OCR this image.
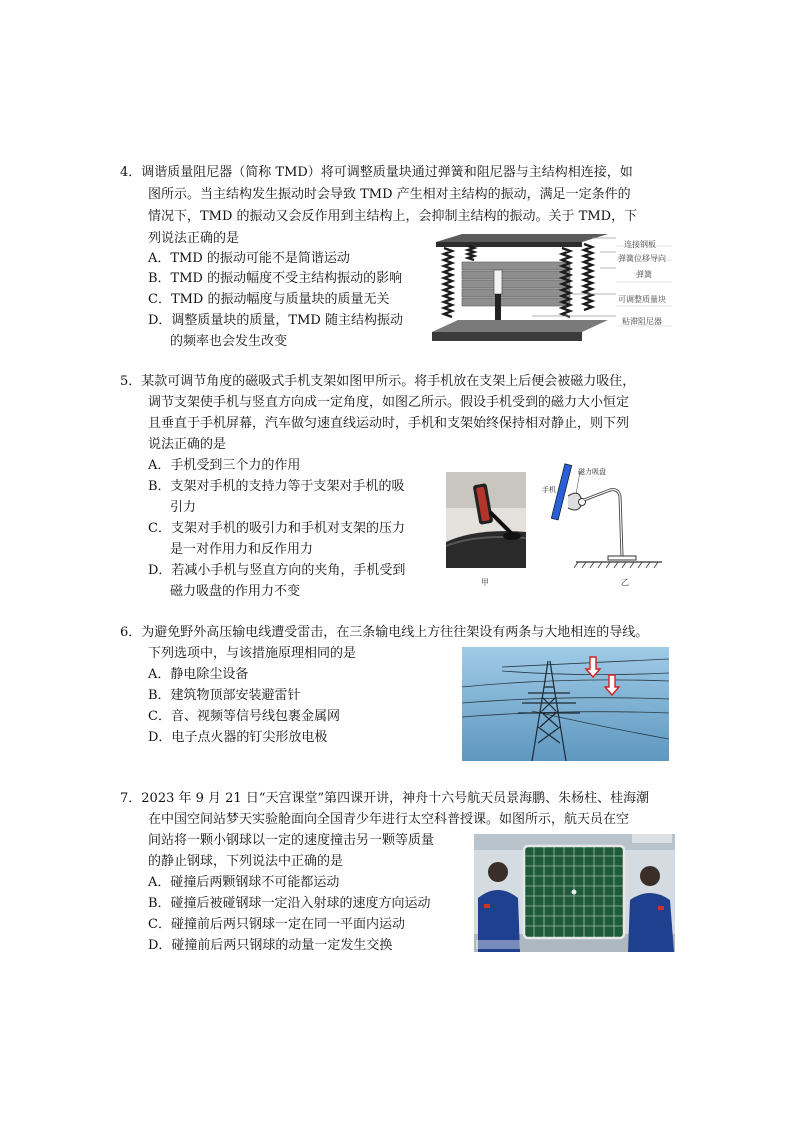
4．调谐质量阻尼器（简称 TMD）将可调整质量块通过弹簧和阻尼器与主结构相连接，如
图所示。当主结构发生振动时会导致 TMD 产生相对主结构的振动，满足一定条件的
情况下，TMD 的振动又会反作用到主结构上，会抑制主结构的振动。关于 TMD，下
列说法正确的是
A．TMD 的振动可能不是简谐运动
B．TMD 的振动幅度不受主结构振动的影响
C．TMD 的振动幅度与质量块的质量无关
D．调整质量块的质量，TMD 随主结构振动
的频率也会发生改变
连接钢板
弹簧位移导向
弹簧
可调整质量块
粘滞阻尼器
5．某款可调节角度的磁吸式手机支架如图甲所示。将手机放在支架上后便会被磁力吸住，
调节支架使手机与竖直方向成一定角度，如图乙所示。假设手机受到的磁力大小恒定
且垂直于手机屏幕，汽车做匀速直线运动时，手机和支架始终保持相对静止，则下列
说法正确的是
A．手机受到三个力的作用
B．支架对手机的支持力等于支架对手机的吸
引力
C．支架对手机的吸引力和手机对支架的压力
是一对作用力和反作用力
D．若减小手机与竖直方向的夹角，手机受到
磁力吸盘的作用力不变
甲
手机
磁力吸盘
乙
6．为避免野外高压输电线遭受雷击，在三条输电线上方往往架设有两条与大地相连的导线。
下列选项中，与该措施原理相同的是
A．静电除尘设备
B．建筑物顶部安装避雷针
C．音、视频等信号线包裹金属网
D．电子点火器的钉尖形放电极
7．2023 年 9 月 21 日“天宫课堂”第四课开讲，神舟十六号航天员景海鹏、朱杨柱、桂海潮
在中国空间站梦天实验舱面向全国青少年进行太空科普授课。如图所示，航天员在空
间站将一颗小钢球以一定的速度撞击另一颗等质量
的静止钢球，下列说法中正确的是
A．碰撞后两颗钢球不可能都运动
B．碰撞后被碰钢球一定沿入射球的速度方向运动
C．碰撞前后两只钢球一定在同一平面内运动
D．碰撞前后两只钢球的动量一定发生交换
